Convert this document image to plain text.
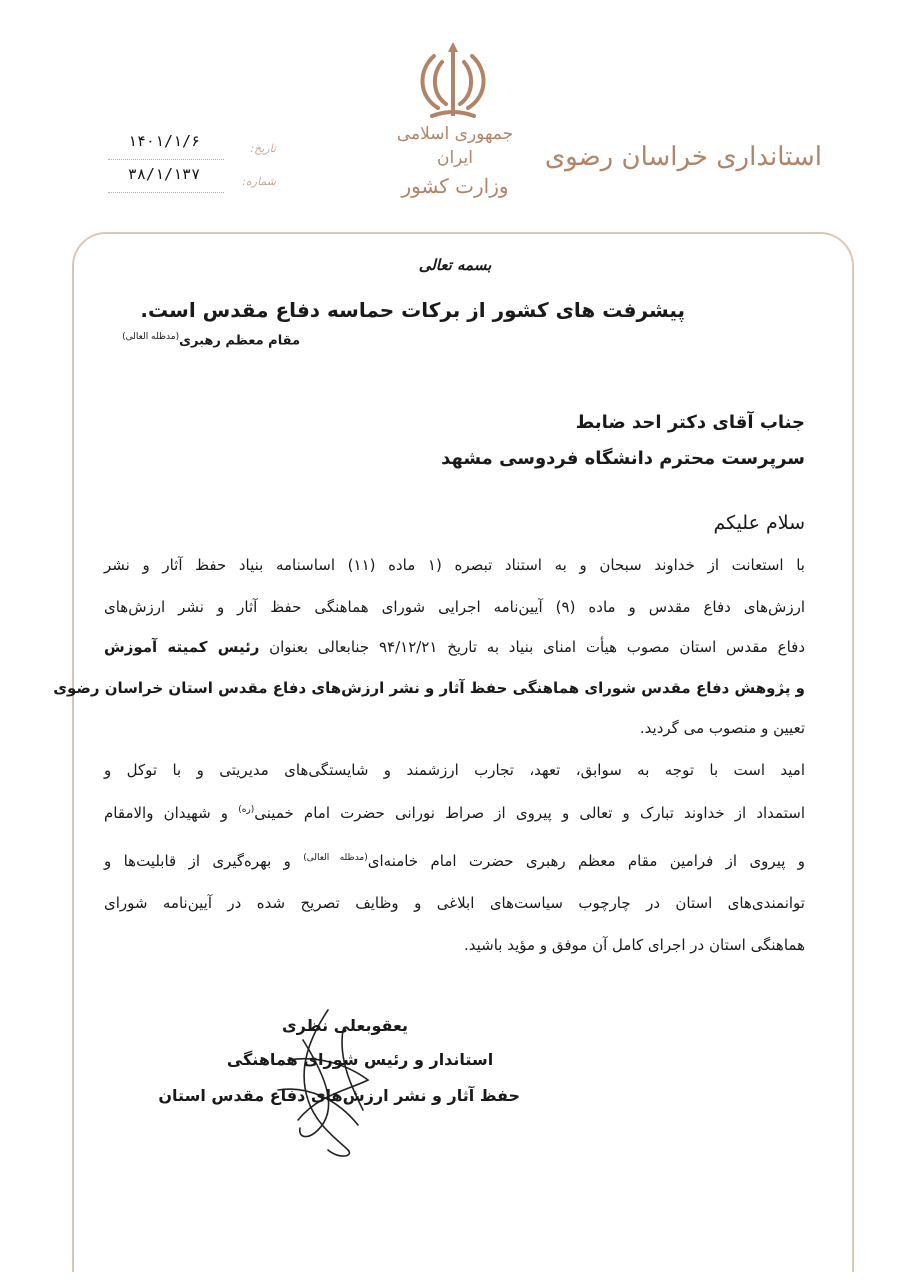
جمهوری اسلامی ایران
وزارت کشور
استانداری خراسان رضوی
تاریخ:
۱۴۰۱/۱/۶
شماره:
۳۸/۱/۱۳۷
بسمه تعالی
پیشرفت های کشور از برکات حماسه دفاع مقدس است.
مقام معظم رهبری$^{(مدظله العالی)}$
جناب آقای دکتر احد ضابط
سرپرست محترم دانشگاه فردوسی مشهد
سلام علیکم
با استعانت از خداوند سبحان و به استناد تبصره (۱ ماده (۱۱) اساسنامه بنیاد حفظ آثار و نشر
ارزش‌های دفاع مقدس و ماده (۹) آیین‌نامه اجرایی شورای هماهنگی حفظ آثار و نشر ارزش‌های
دفاع مقدس استان مصوب هیأت امنای بنیاد به تاریخ ۹۴/۱۲/۲۱ جنابعالی بعنوان رئیس کمیته آموزش
و پژوهش دفاع مقدس شورای هماهنگی حفظ آثار و نشر ارزش‌های دفاع مقدس استان خراسان رضوی
تعیین و منصوب می گردید.
امید است با توجه به سوابق، تعهد، تجارب ارزشمند و شایستگی‌های مدیریتی و با توکل و
استمداد از خداوند تبارک و تعالی و پیروی از صراط نورانی حضرت امام خمینی$^{(ره)}$ و شهیدان والامقام
و پیروی از فرامین مقام معظم رهبری حضرت امام خامنه‌ای$^{(مدظله العالی)}$ و بهره‌گیری از قابلیت‌ها و
توانمندی‌های استان در چارچوب سیاست‌های ابلاغی و وظایف تصریح شده در آیین‌نامه شورای
هماهنگی استان در اجرای کامل آن موفق و مؤید باشید.
یعقوبعلی نظری
استاندار و رئیس شورای هماهنگی
حفظ آثار و نشر ارزش‌های دفاع مقدس استان
